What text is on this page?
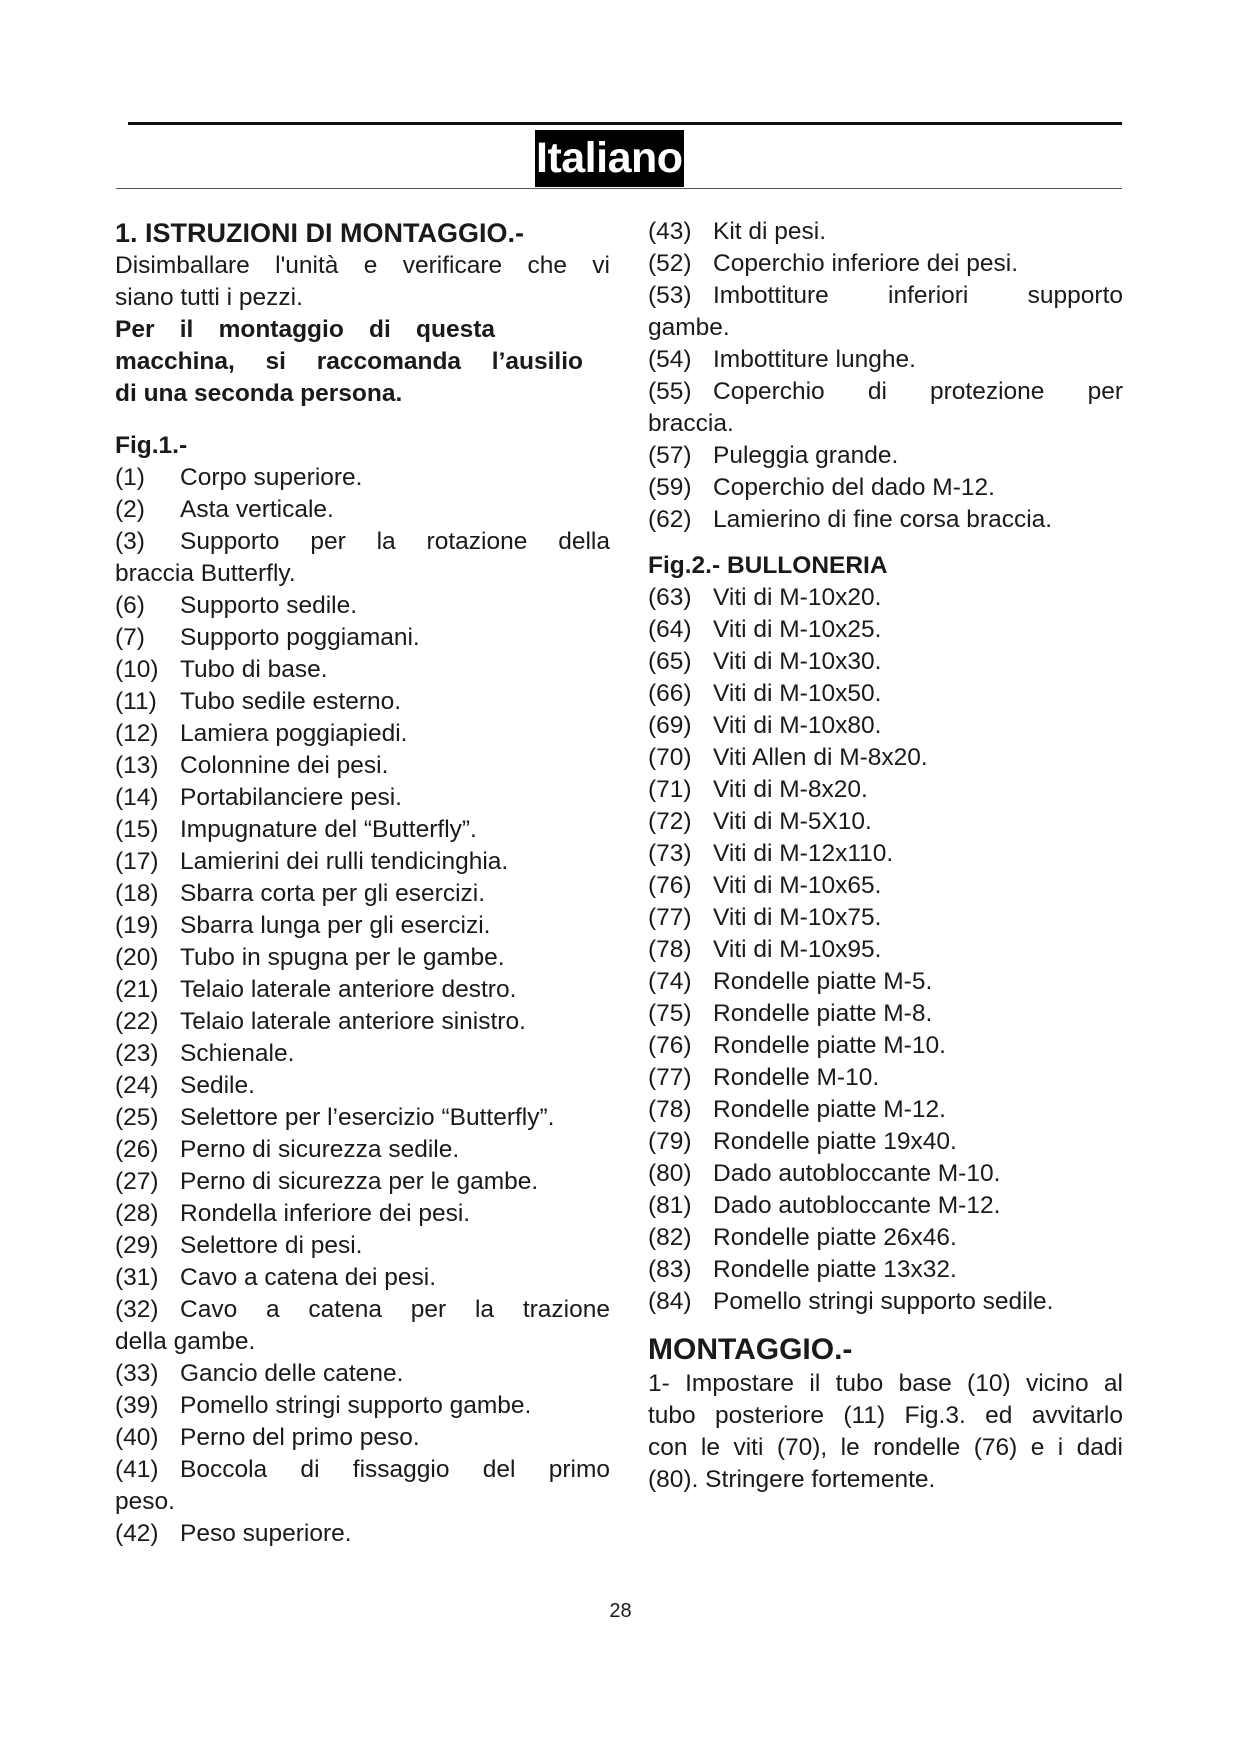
Italiano
1. ISTRUZIONI DI MONTAGGIO.-
Disimballare l'unità e verificare che vi
siano tutti i pezzi.
Per il montaggio di questa
macchina, si raccomanda l’ausilio
di una seconda persona.
Fig.1.-
(1)	Corpo superiore.
(2)	Asta verticale.
(3)	Supporto per la rotazione della
braccia Butterfly.
(6)	Supporto sedile.
(7)	Supporto poggiamani.
(10) Tubo di base.
(11) Tubo sedile esterno.
(12) Lamiera poggiapiedi.
(13) Colonnine dei pesi.
(14) Portabilanciere pesi.
(15) Impugnature del “Butterfly”.
(17) Lamierini dei rulli tendicinghia.
(18) Sbarra corta per gli esercizi.
(19) Sbarra lunga per gli esercizi.
(20) Tubo in spugna per le gambe.
(21) Telaio laterale anteriore destro.
(22) Telaio laterale anteriore sinistro.
(23) Schienale.
(24) Sedile.
(25) Selettore per l’esercizio “Butterfly”.
(26) Perno di sicurezza sedile.
(27) Perno di sicurezza per le gambe.
(28) Rondella inferiore dei pesi.
(29) Selettore di pesi.
(31) Cavo a catena dei pesi.
(32) Cavo a catena per la trazione
della gambe.
(33) Gancio delle catene.
(39) Pomello stringi supporto gambe.
(40) Perno del primo peso.
(41) Boccola di fissaggio del primo
peso.
(42) Peso superiore.
(43) Kit di pesi.
(52) Coperchio inferiore dei pesi.
(53) Imbottiture inferiori supporto
gambe.
(54) Imbottiture lunghe.
(55) Coperchio di protezione per
braccia.
(57) Puleggia grande.
(59) Coperchio del dado M-12.
(62) Lamierino di fine corsa braccia.
Fig.2.- BULLONERIA
(63) Viti di M-10x20.
(64) Viti di M-10x25.
(65) Viti di M-10x30.
(66) Viti di M-10x50.
(69) Viti di M-10x80.
(70) Viti Allen di M-8x20.
(71) Viti di M-8x20.
(72) Viti di M-5X10.
(73) Viti di M-12x110.
(76) Viti di M-10x65.
(77) Viti di M-10x75.
(78) Viti di M-10x95.
(74) Rondelle piatte M-5.
(75) Rondelle piatte M-8.
(76) Rondelle piatte M-10.
(77) Rondelle M-10.
(78) Rondelle piatte M-12.
(79) Rondelle piatte 19x40.
(80) Dado autobloccante M-10.
(81) Dado autobloccante M-12.
(82) Rondelle piatte 26x46.
(83) Rondelle piatte 13x32.
(84) Pomello stringi supporto sedile.
MONTAGGIO.-
1- Impostare il tubo base (10) vicino al
tubo posteriore (11) Fig.3. ed avvitarlo
con le viti (70), le rondelle (76) e i dadi
(80). Stringere fortemente.
28
